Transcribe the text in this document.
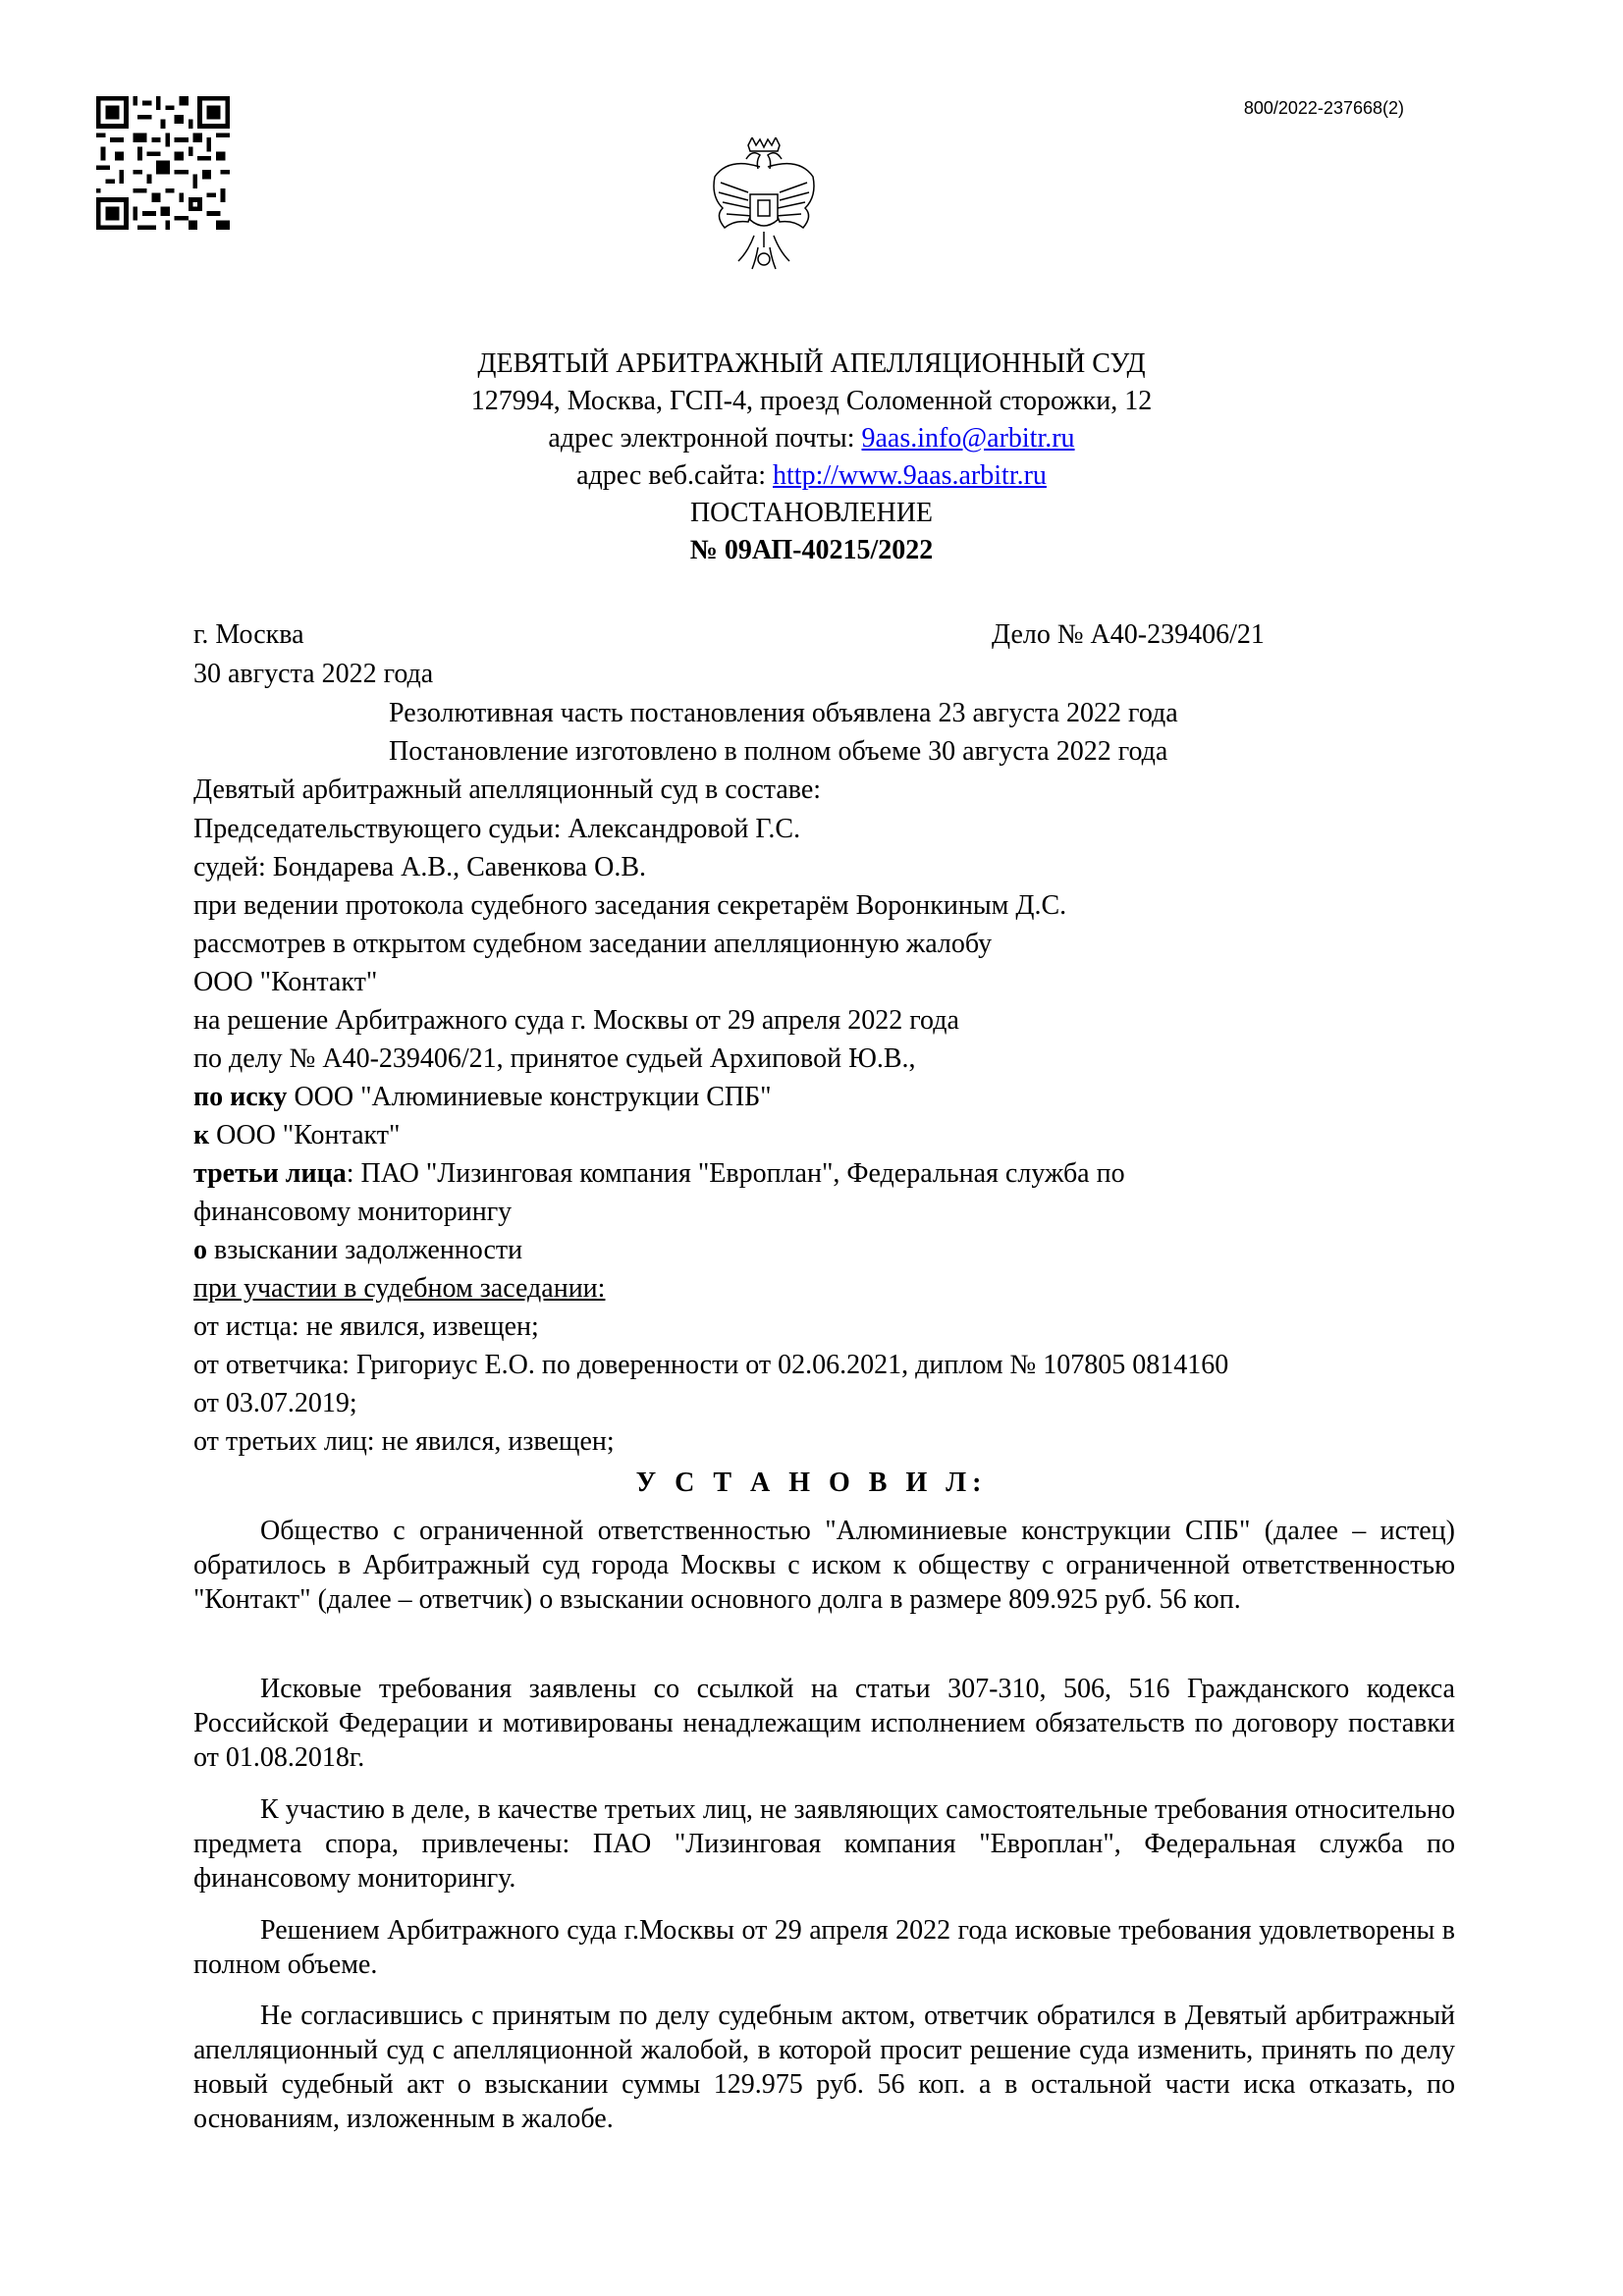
800/2022-237668(2)
ДЕВЯТЫЙ АРБИТРАЖНЫЙ АПЕЛЛЯЦИОННЫЙ СУД
127994, Москва, ГСП-4, проезд Соломенной сторожки, 12
адрес электронной почты: 9aas.info@arbitr.ru
адрес веб.сайта: http://www.9aas.arbitr.ru
ПОСТАНОВЛЕНИЕ
№ 09АП-40215/2022
г. Москва	Дело № А40-239406/21
30 августа 2022 года
Резолютивная часть постановления объявлена 23 августа 2022 года
Постановление изготовлено в полном объеме 30 августа 2022 года
Девятый арбитражный апелляционный суд в составе:
Председательствующего судьи: Александровой Г.С.
судей: Бондарева А.В., Савенкова О.В.
при ведении протокола судебного заседания секретарём Воронкиным Д.С.
рассмотрев в открытом судебном заседании апелляционную жалобу
ООО "Контакт"
на решение Арбитражного суда г. Москвы от 29 апреля 2022 года
по делу № А40-239406/21, принятое судьей Архиповой Ю.В.,
по иску ООО "Алюминиевые конструкции СПБ"
к ООО "Контакт"
третьи лица: ПАО "Лизинговая компания "Европлан", Федеральная служба по
финансовому мониторингу
о взыскании задолженности
при участии в судебном заседании:
от истца: не явился, извещен;
от ответчика: Григориус Е.О. по доверенности от 02.06.2021, диплом № 107805 0814160
от 03.07.2019;
от третьих лиц: не явился, извещен;
У С Т А Н О В И Л:
Общество с ограниченной ответственностью "Алюминиевые конструкции СПБ" (далее – истец) обратилось в Арбитражный суд города Москвы с иском к обществу с ограниченной ответственностью "Контакт" (далее – ответчик) о взыскании основного долга в размере 809.925 руб. 56 коп.
Исковые требования заявлены со ссылкой на статьи 307-310, 506, 516 Гражданского кодекса Российской Федерации и мотивированы ненадлежащим исполнением обязательств по договору поставки от 01.08.2018г.
К участию в деле, в качестве третьих лиц, не заявляющих самостоятельные требования относительно предмета спора, привлечены: ПАО "Лизинговая компания "Европлан", Федеральная служба по финансовому мониторингу.
Решением Арбитражного суда г.Москвы от 29 апреля 2022 года исковые требования удовлетворены в полном объеме.
Не согласившись с принятым по делу судебным актом, ответчик обратился в Девятый арбитражный апелляционный суд с апелляционной жалобой, в которой просит решение суда изменить, принять по делу новый судебный акт о взыскании суммы 129.975 руб. 56 коп. а в остальной части иска отказать, по основаниям, изложенным в жалобе.
